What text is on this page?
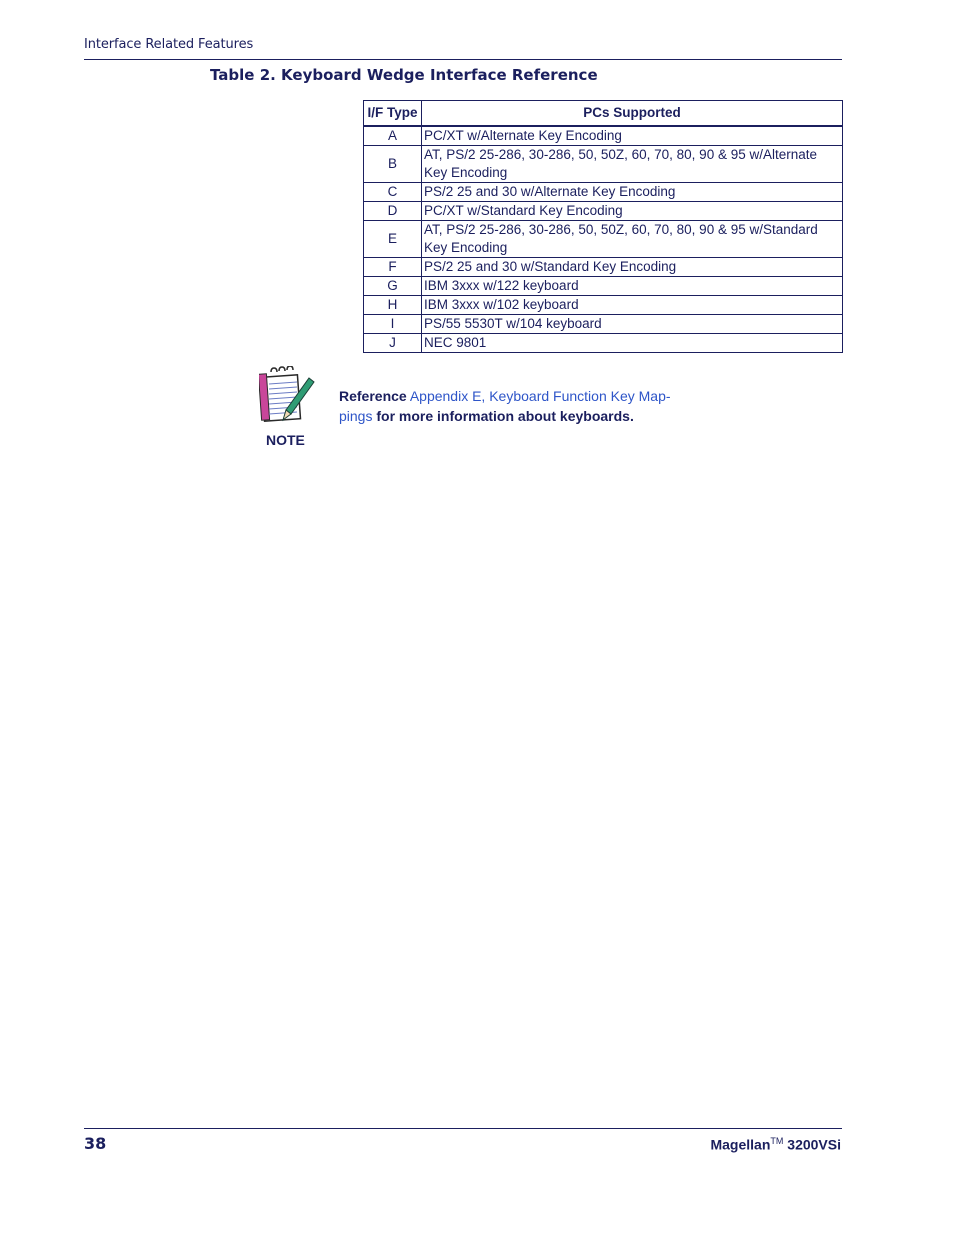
Interface Related Features
Table 2. Keyboard Wedge Interface Reference
I/F Type	PCs Supported
A	PC/XT w/Alternate Key Encoding
B	AT, PS/2 25-286, 30-286, 50, 50Z, 60, 70, 80, 90 & 95 w/Alternate Key Encoding
C	PS/2 25 and 30 w/Alternate Key Encoding
D	PC/XT w/Standard Key Encoding
E	AT, PS/2 25-286, 30-286, 50, 50Z, 60, 70, 80, 90 & 95 w/Standard Key Encoding
F	PS/2 25 and 30 w/Standard Key Encoding
G	IBM 3xxx w/122 keyboard
H	IBM 3xxx w/102 keyboard
I	PS/55 5530T w/104 keyboard
J	NEC 9801
NOTE
Reference Appendix E, Keyboard Function Key Map-pings for more information about keyboards.
38	Magellan™ 3200VSi
